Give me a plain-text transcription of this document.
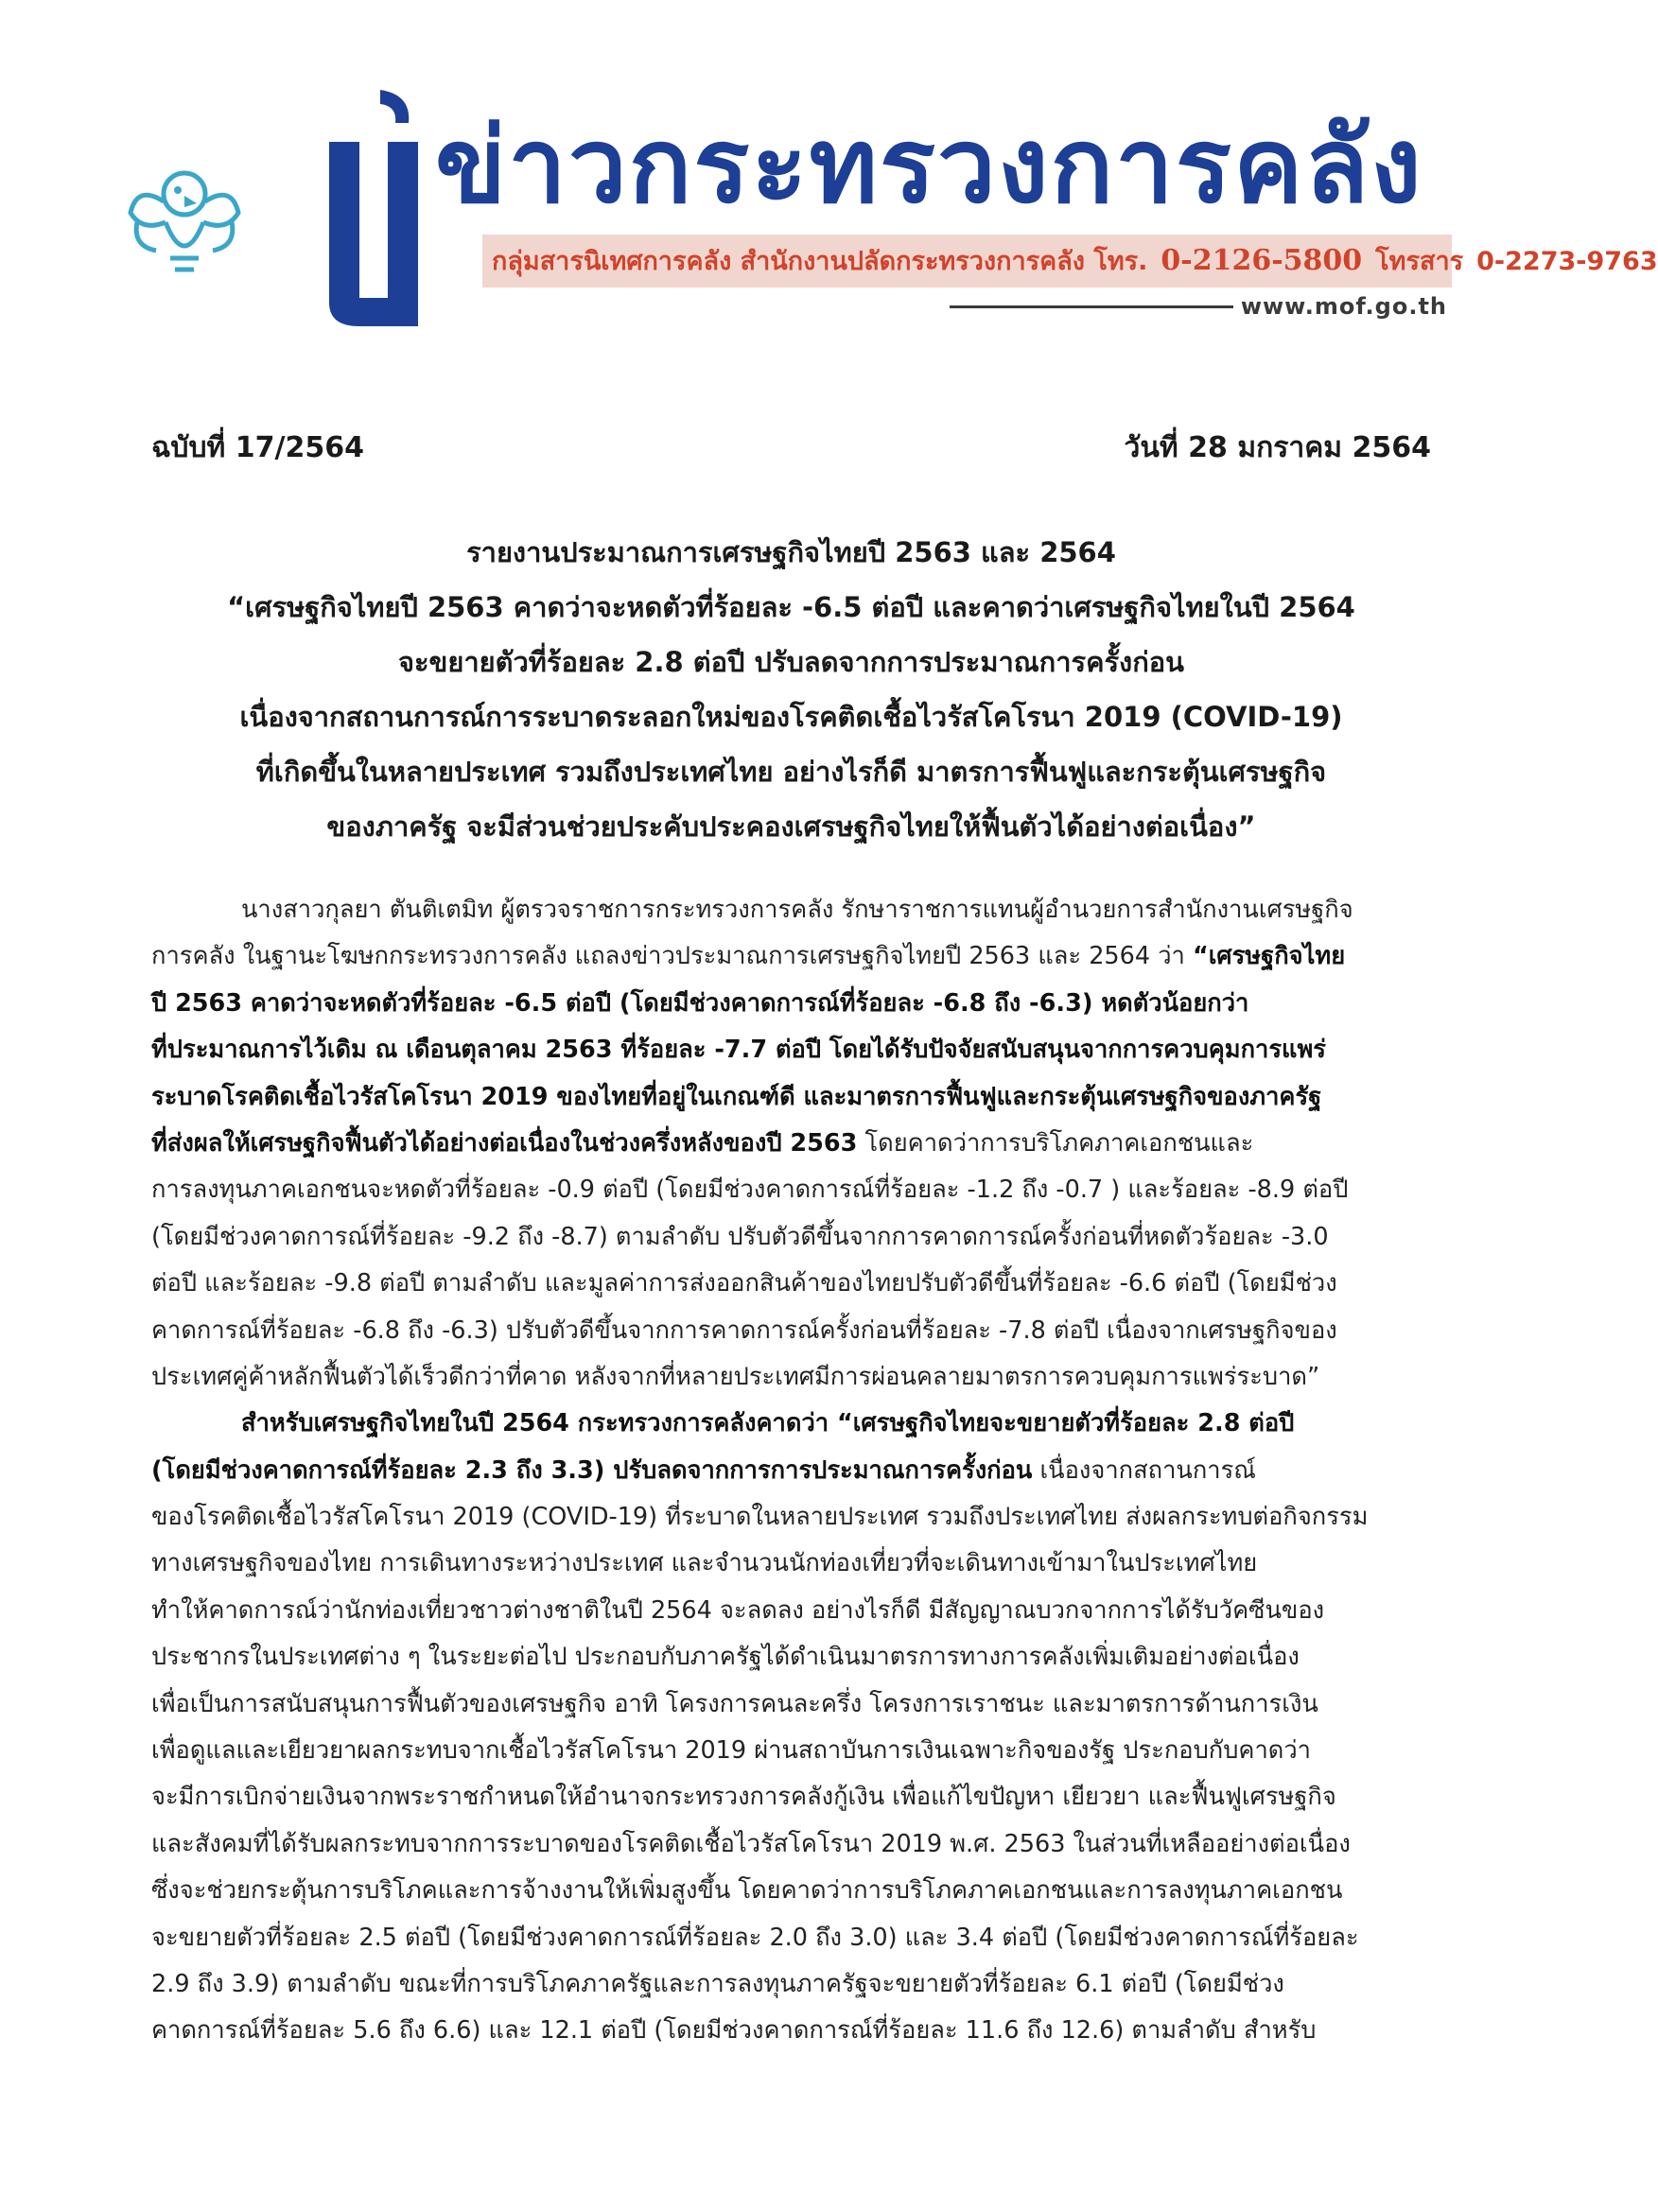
ข่าวกระทรวงการคลัง
กลุ่มสารนิเทศการคลัง สำนักงานปลัดกระทรวงการคลัง โทร. 0-2126-5800 โทรสาร 0-2273-9763
www.mof.go.th
ฉบับที่ 17/2564	วันที่ 28 มกราคม 2564
รายงานประมาณการเศรษฐกิจไทยปี 2563 และ 2564
“เศรษฐกิจไทยปี 2563 คาดว่าจะหดตัวที่ร้อยละ -6.5 ต่อปี และคาดว่าเศรษฐกิจไทยในปี 2564
จะขยายตัวที่ร้อยละ 2.8 ต่อปี ปรับลดจากการประมาณการครั้งก่อน
เนื่องจากสถานการณ์การระบาดระลอกใหม่ของโรคติดเชื้อไวรัสโคโรนา 2019 (COVID-19)
ที่เกิดขึ้นในหลายประเทศ รวมถึงประเทศไทย อย่างไรก็ดี มาตรการฟื้นฟูและกระตุ้นเศรษฐกิจ
ของภาครัฐ จะมีส่วนช่วยประคับประคองเศรษฐกิจไทยให้ฟื้นตัวได้อย่างต่อเนื่อง”
นางสาวกุลยา ตันติเตมิท ผู้ตรวจราชการกระทรวงการคลัง รักษาราชการแทนผู้อำนวยการสำนักงานเศรษฐกิจ
การคลัง ในฐานะโฆษกกระทรวงการคลัง แถลงข่าวประมาณการเศรษฐกิจไทยปี 2563 และ 2564 ว่า “เศรษฐกิจไทย
ปี 2563 คาดว่าจะหดตัวที่ร้อยละ -6.5 ต่อปี (โดยมีช่วงคาดการณ์ที่ร้อยละ -6.8 ถึง -6.3) หดตัวน้อยกว่า
ที่ประมาณการไว้เดิม ณ เดือนตุลาคม 2563 ที่ร้อยละ -7.7 ต่อปี โดยได้รับปัจจัยสนับสนุนจากการควบคุมการแพร่
ระบาดโรคติดเชื้อไวรัสโคโรนา 2019 ของไทยที่อยู่ในเกณฑ์ดี และมาตรการฟื้นฟูและกระตุ้นเศรษฐกิจของภาครัฐ
ที่ส่งผลให้เศรษฐกิจฟื้นตัวได้อย่างต่อเนื่องในช่วงครึ่งหลังของปี 2563 โดยคาดว่าการบริโภคภาคเอกชนและ
การลงทุนภาคเอกชนจะหดตัวที่ร้อยละ -0.9 ต่อปี (โดยมีช่วงคาดการณ์ที่ร้อยละ -1.2 ถึง -0.7 ) และร้อยละ -8.9 ต่อปี
(โดยมีช่วงคาดการณ์ที่ร้อยละ -9.2 ถึง -8.7) ตามลำดับ ปรับตัวดีขึ้นจากการคาดการณ์ครั้งก่อนที่หดตัวร้อยละ -3.0
ต่อปี และร้อยละ -9.8 ต่อปี ตามลำดับ และมูลค่าการส่งออกสินค้าของไทยปรับตัวดีขึ้นที่ร้อยละ -6.6 ต่อปี (โดยมีช่วง
คาดการณ์ที่ร้อยละ -6.8 ถึง -6.3) ปรับตัวดีขึ้นจากการคาดการณ์ครั้งก่อนที่ร้อยละ -7.8 ต่อปี เนื่องจากเศรษฐกิจของ
ประเทศคู่ค้าหลักฟื้นตัวได้เร็วดีกว่าที่คาด หลังจากที่หลายประเทศมีการผ่อนคลายมาตรการควบคุมการแพร่ระบาด”
สำหรับเศรษฐกิจไทยในปี 2564 กระทรวงการคลังคาดว่า “เศรษฐกิจไทยจะขยายตัวที่ร้อยละ 2.8 ต่อปี
(โดยมีช่วงคาดการณ์ที่ร้อยละ 2.3 ถึง 3.3) ปรับลดจากการการประมาณการครั้งก่อน เนื่องจากสถานการณ์
ของโรคติดเชื้อไวรัสโคโรนา 2019 (COVID-19) ที่ระบาดในหลายประเทศ รวมถึงประเทศไทย ส่งผลกระทบต่อกิจกรรม
ทางเศรษฐกิจของไทย การเดินทางระหว่างประเทศ และจำนวนนักท่องเที่ยวที่จะเดินทางเข้ามาในประเทศไทย
ทำให้คาดการณ์ว่านักท่องเที่ยวชาวต่างชาติในปี 2564 จะลดลง อย่างไรก็ดี มีสัญญาณบวกจากการได้รับวัคซีนของ
ประชากรในประเทศต่าง ๆ ในระยะต่อไป ประกอบกับภาครัฐได้ดำเนินมาตรการทางการคลังเพิ่มเติมอย่างต่อเนื่อง
เพื่อเป็นการสนับสนุนการฟื้นตัวของเศรษฐกิจ อาทิ โครงการคนละครึ่ง โครงการเราชนะ และมาตรการด้านการเงิน
เพื่อดูแลและเยียวยาผลกระทบจากเชื้อไวรัสโคโรนา 2019 ผ่านสถาบันการเงินเฉพาะกิจของรัฐ ประกอบกับคาดว่า
จะมีการเบิกจ่ายเงินจากพระราชกำหนดให้อำนาจกระทรวงการคลังกู้เงิน เพื่อแก้ไขปัญหา เยียวยา และฟื้นฟูเศรษฐกิจ
และสังคมที่ได้รับผลกระทบจากการระบาดของโรคติดเชื้อไวรัสโคโรนา 2019 พ.ศ. 2563 ในส่วนที่เหลืออย่างต่อเนื่อง
ซึ่งจะช่วยกระตุ้นการบริโภคและการจ้างงานให้เพิ่มสูงขึ้น โดยคาดว่าการบริโภคภาคเอกชนและการลงทุนภาคเอกชน
จะขยายตัวที่ร้อยละ 2.5 ต่อปี (โดยมีช่วงคาดการณ์ที่ร้อยละ 2.0 ถึง 3.0) และ 3.4 ต่อปี (โดยมีช่วงคาดการณ์ที่ร้อยละ
2.9 ถึง 3.9) ตามลำดับ ขณะที่การบริโภคภาครัฐและการลงทุนภาครัฐจะขยายตัวที่ร้อยละ 6.1 ต่อปี (โดยมีช่วง
คาดการณ์ที่ร้อยละ 5.6 ถึง 6.6) และ 12.1 ต่อปี (โดยมีช่วงคาดการณ์ที่ร้อยละ 11.6 ถึง 12.6) ตามลำดับ สำหรับ
